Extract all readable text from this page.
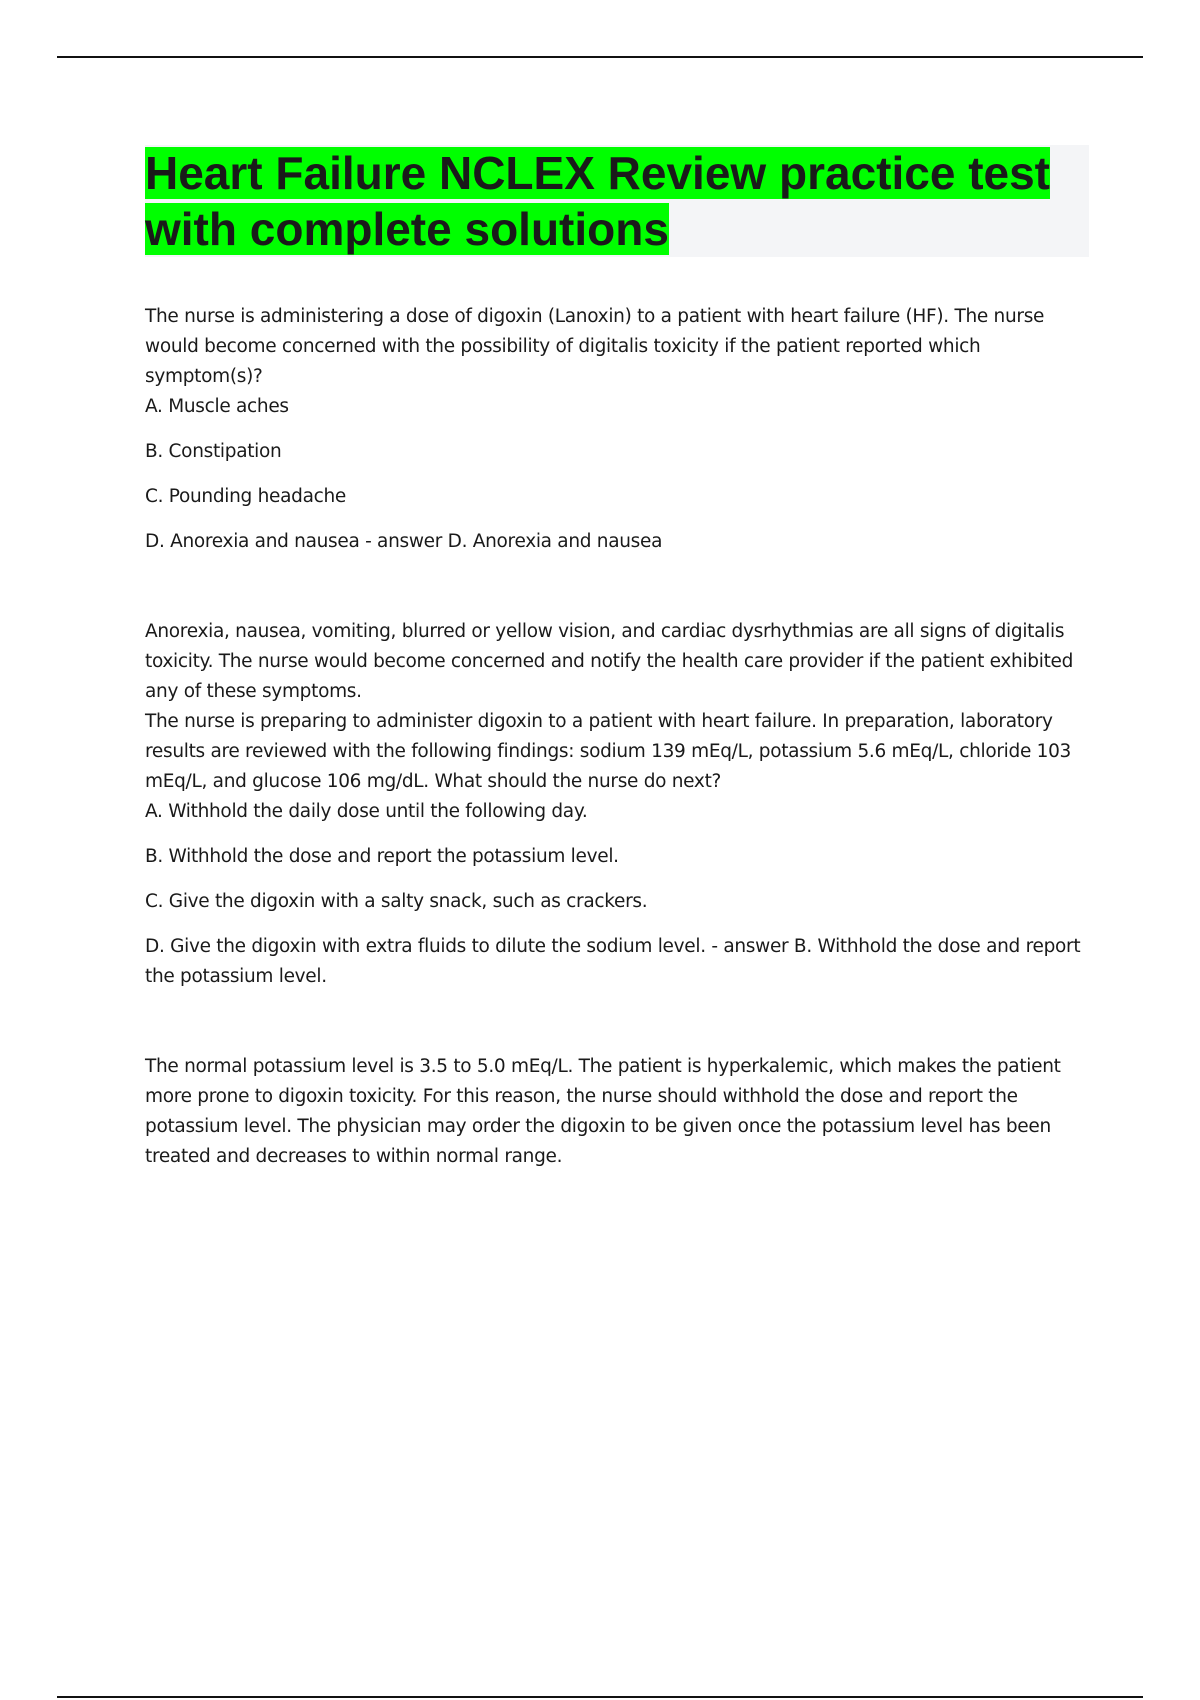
Heart Failure NCLEX Review practice test with complete solutions

The nurse is administering a dose of digoxin (Lanoxin) to a patient with heart failure (HF). The nurse would become concerned with the possibility of digitalis toxicity if the patient reported which symptom(s)?

A. Muscle aches

B. Constipation

C. Pounding headache

D. Anorexia and nausea - answer D. Anorexia and nausea

Anorexia, nausea, vomiting, blurred or yellow vision, and cardiac dysrhythmias are all signs of digitalis toxicity. The nurse would become concerned and notify the health care provider if the patient exhibited any of these symptoms.

The nurse is preparing to administer digoxin to a patient with heart failure. In preparation, laboratory results are reviewed with the following findings: sodium 139 mEq/L, potassium 5.6 mEq/L, chloride 103 mEq/L, and glucose 106 mg/dL. What should the nurse do next?

A. Withhold the daily dose until the following day.

B. Withhold the dose and report the potassium level.

C. Give the digoxin with a salty snack, such as crackers.

D. Give the digoxin with extra fluids to dilute the sodium level. - answer B. Withhold the dose and report the potassium level.

The normal potassium level is 3.5 to 5.0 mEq/L. The patient is hyperkalemic, which makes the patient more prone to digoxin toxicity. For this reason, the nurse should withhold the dose and report the potassium level. The physician may order the digoxin to be given once the potassium level has been treated and decreases to within normal range.
